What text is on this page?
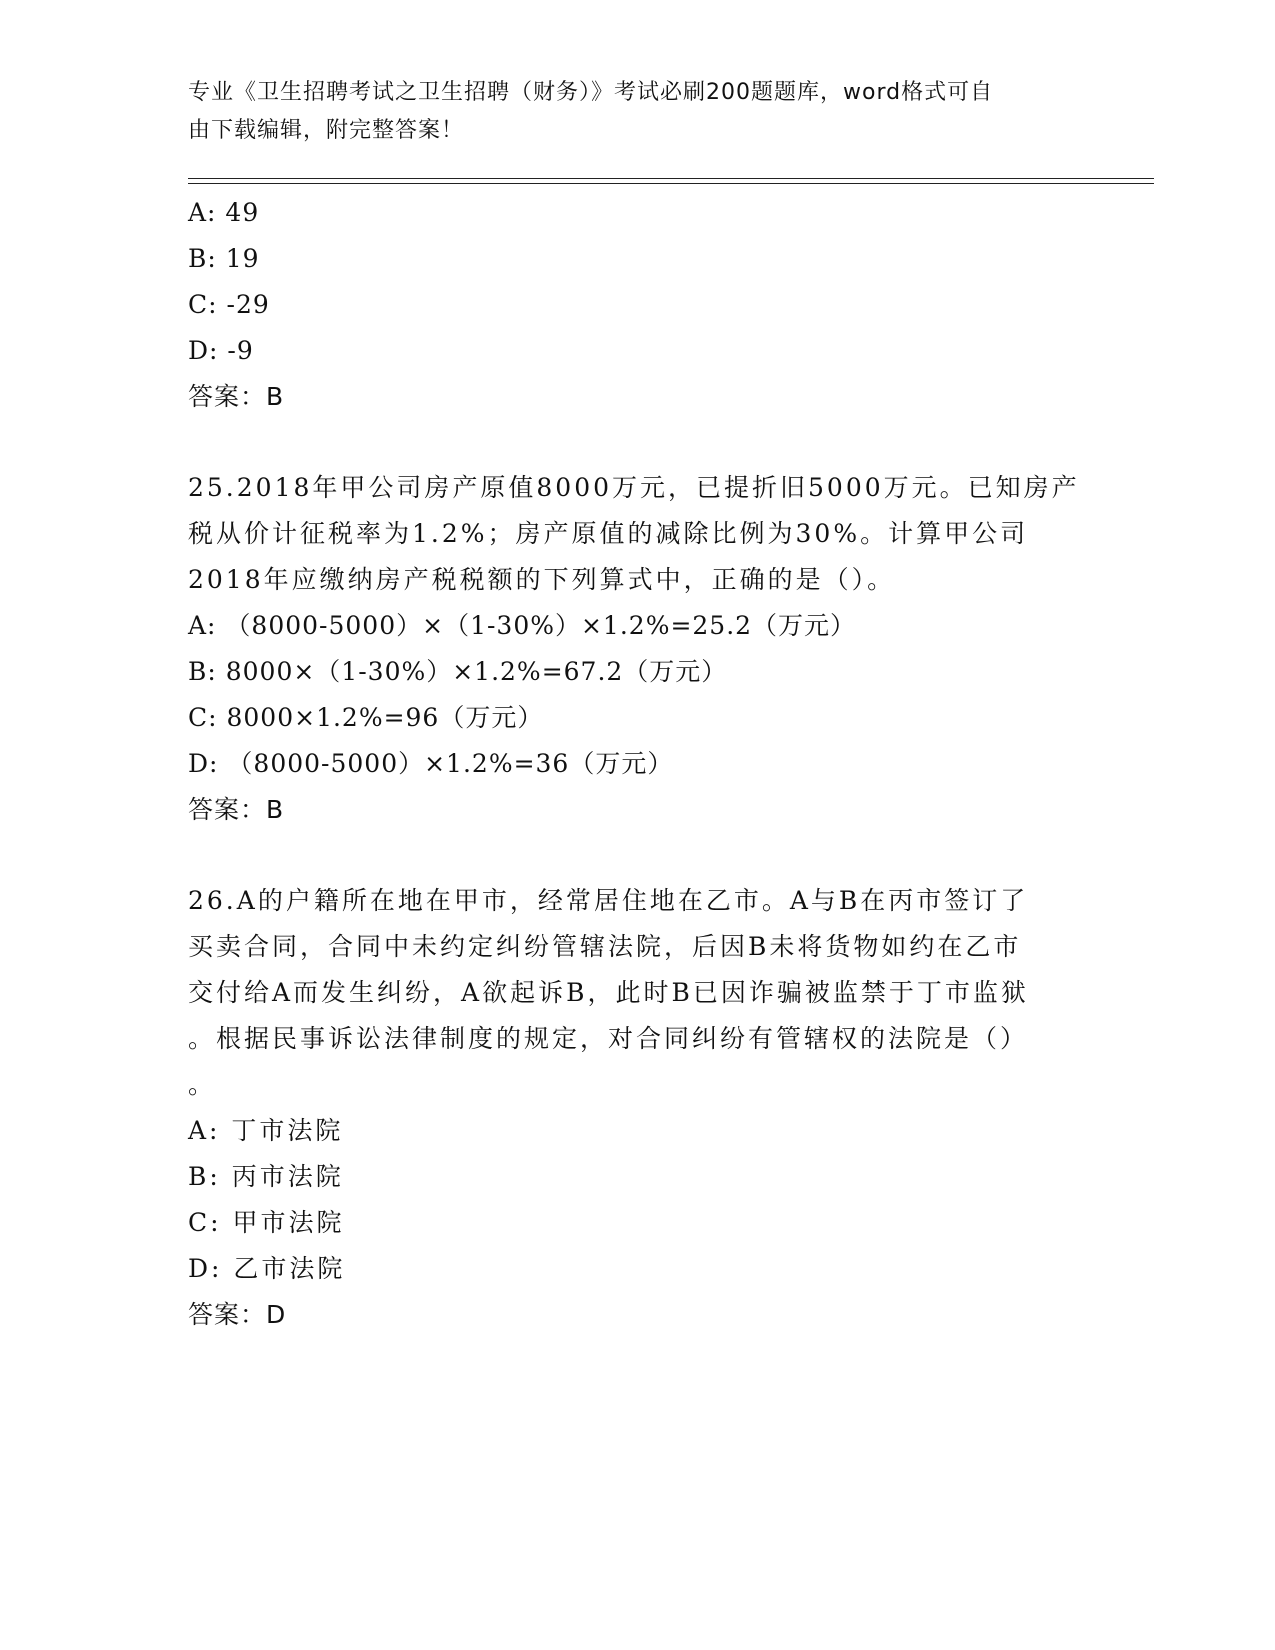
专业《卫生招聘考试之卫生招聘（财务）》考试必刷200题题库，word格式可自
由下载编辑，附完整答案！
A: 49
B: 19
C: -29
D: -9
答案：B
25.2018年甲公司房产原值8000万元，已提折旧5000万元。已知房产
税从价计征税率为1.2%；房产原值的减除比例为30%。计算甲公司
2018年应缴纳房产税税额的下列算式中，正确的是（）。
A: （8000-5000）×（1-30%）×1.2%=25.2（万元）
B: 8000×（1-30%）×1.2%=67.2（万元）
C: 8000×1.2%=96（万元）
D: （8000-5000）×1.2%=36（万元）
答案：B
26.A的户籍所在地在甲市，经常居住地在乙市。A与B在丙市签订了
买卖合同，合同中未约定纠纷管辖法院，后因B未将货物如约在乙市
交付给A而发生纠纷，A欲起诉B，此时B已因诈骗被监禁于丁市监狱
。根据民事诉讼法律制度的规定，对合同纠纷有管辖权的法院是（）
。
A: 丁市法院
B: 丙市法院
C: 甲市法院
D: 乙市法院
答案：D
